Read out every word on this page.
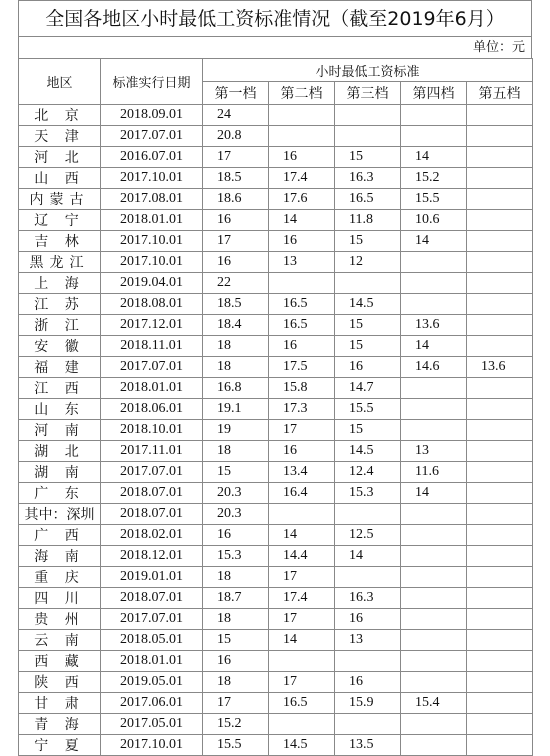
全国各地区小时最低工资标准情况（截至2019年6月）
单位：元
地区	标准实行日期	小时最低工资标准				
		第一档	第二档	第三档	第四档	第五档
北 京	2018.09.01	24				
天 津	2017.07.01	20.8				
河 北	2016.07.01	17	16	15	14	
山 西	2017.10.01	18.5	17.4	16.3	15.2	
内蒙古	2017.08.01	18.6	17.6	16.5	15.5	
辽 宁	2018.01.01	16	14	11.8	10.6	
吉 林	2017.10.01	17	16	15	14	
黑龙江	2017.10.01	16	13	12		
上 海	2019.04.01	22				
江 苏	2018.08.01	18.5	16.5	14.5		
浙 江	2017.12.01	18.4	16.5	15	13.6	
安 徽	2018.11.01	18	16	15	14	
福 建	2017.07.01	18	17.5	16	14.6	13.6
江 西	2018.01.01	16.8	15.8	14.7		
山 东	2018.06.01	19.1	17.3	15.5		
河 南	2018.10.01	19	17	15		
湖 北	2017.11.01	18	16	14.5	13	
湖 南	2017.07.01	15	13.4	12.4	11.6	
广 东	2018.07.01	20.3	16.4	15.3	14	
其中：深圳	2018.07.01	20.3				
广 西	2018.02.01	16	14	12.5		
海 南	2018.12.01	15.3	14.4	14		
重 庆	2019.01.01	18	17			
四 川	2018.07.01	18.7	17.4	16.3		
贵 州	2017.07.01	18	17	16		
云 南	2018.05.01	15	14	13		
西 藏	2018.01.01	16				
陕 西	2019.05.01	18	17	16		
甘 肃	2017.06.01	17	16.5	15.9	15.4	
青 海	2017.05.01	15.2				
宁 夏	2017.10.01	15.5	14.5	13.5		
